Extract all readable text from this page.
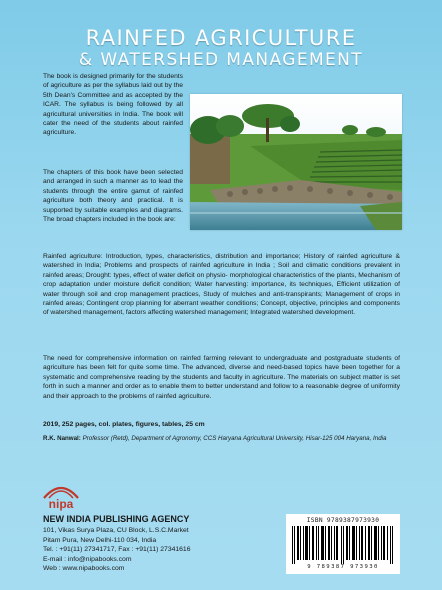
RAINFED AGRICULTURE
& WATERSHED MANAGEMENT

The book is designed primarily for the students of agriculture as per the syllabus laid out by the 5th Dean's Committee and as accepted by the ICAR. The syllabus is being followed by all agricultural universities in India. The book will cater the need of the students about rainfed agriculture.

The chapters of this book have been selected and arranged in such a manner as to lead the students through the entire gamut of rainfed agriculture both theory and practical. It is supported by suitable examples and diagrams. The broad chapters included in the book are:

Rainfed agriculture: Introduction, types, characteristics, distribution and importance; History of rainfed agriculture & watershed in India; Problems and prospects of rainfed agriculture in India ; Soil and climatic conditions prevalent in rainfed areas; Drought: types, effect of water deficit on physio- morphological characteristics of the plants, Mechanism of crop adaptation under moisture deficit condition; Water harvesting: importance, its techniques, Efficient utilization of water through soil and crop management practices, Study of mulches and anti-transpirants; Management of crops in rainfed areas; Contingent crop planning for aberrant weather conditions; Concept, objective, principles and components of watershed management, factors affecting watershed management; Integrated watershed development.

The need for comprehensive information on rainfed farming relevant to undergraduate and postgraduate students of agriculture has been felt for quite some time. The advanced, diverse and need-based topics have been together for a systematic and comprehensive reading by the students and faculty in agriculture. The materials on subject matter is set forth in such a manner and order as to enable them to better understand and follow to a reasonable degree of uniformity and their approach to the problems of rainfed agriculture.

2019, 252 pages, col. plates, figures, tables, 25 cm
R.K. Nanwal: Professor (Retd), Department of Agronomy, CCS Haryana Agricultural University, Hisar-125 004 Haryana, India
nipa
NEW INDIA PUBLISHING AGENCY
101, Vikas Surya Plaza, CU Block, L.S.C.Market
Pitam Pura, New Delhi-110 034, India
Tel. : +91(11) 27341717, Fax : +91(11) 27341616
E-mail : info@nipabooks.com
Web : www.nipabooks.com
ISBN 9789387973930
9 789387 973930
